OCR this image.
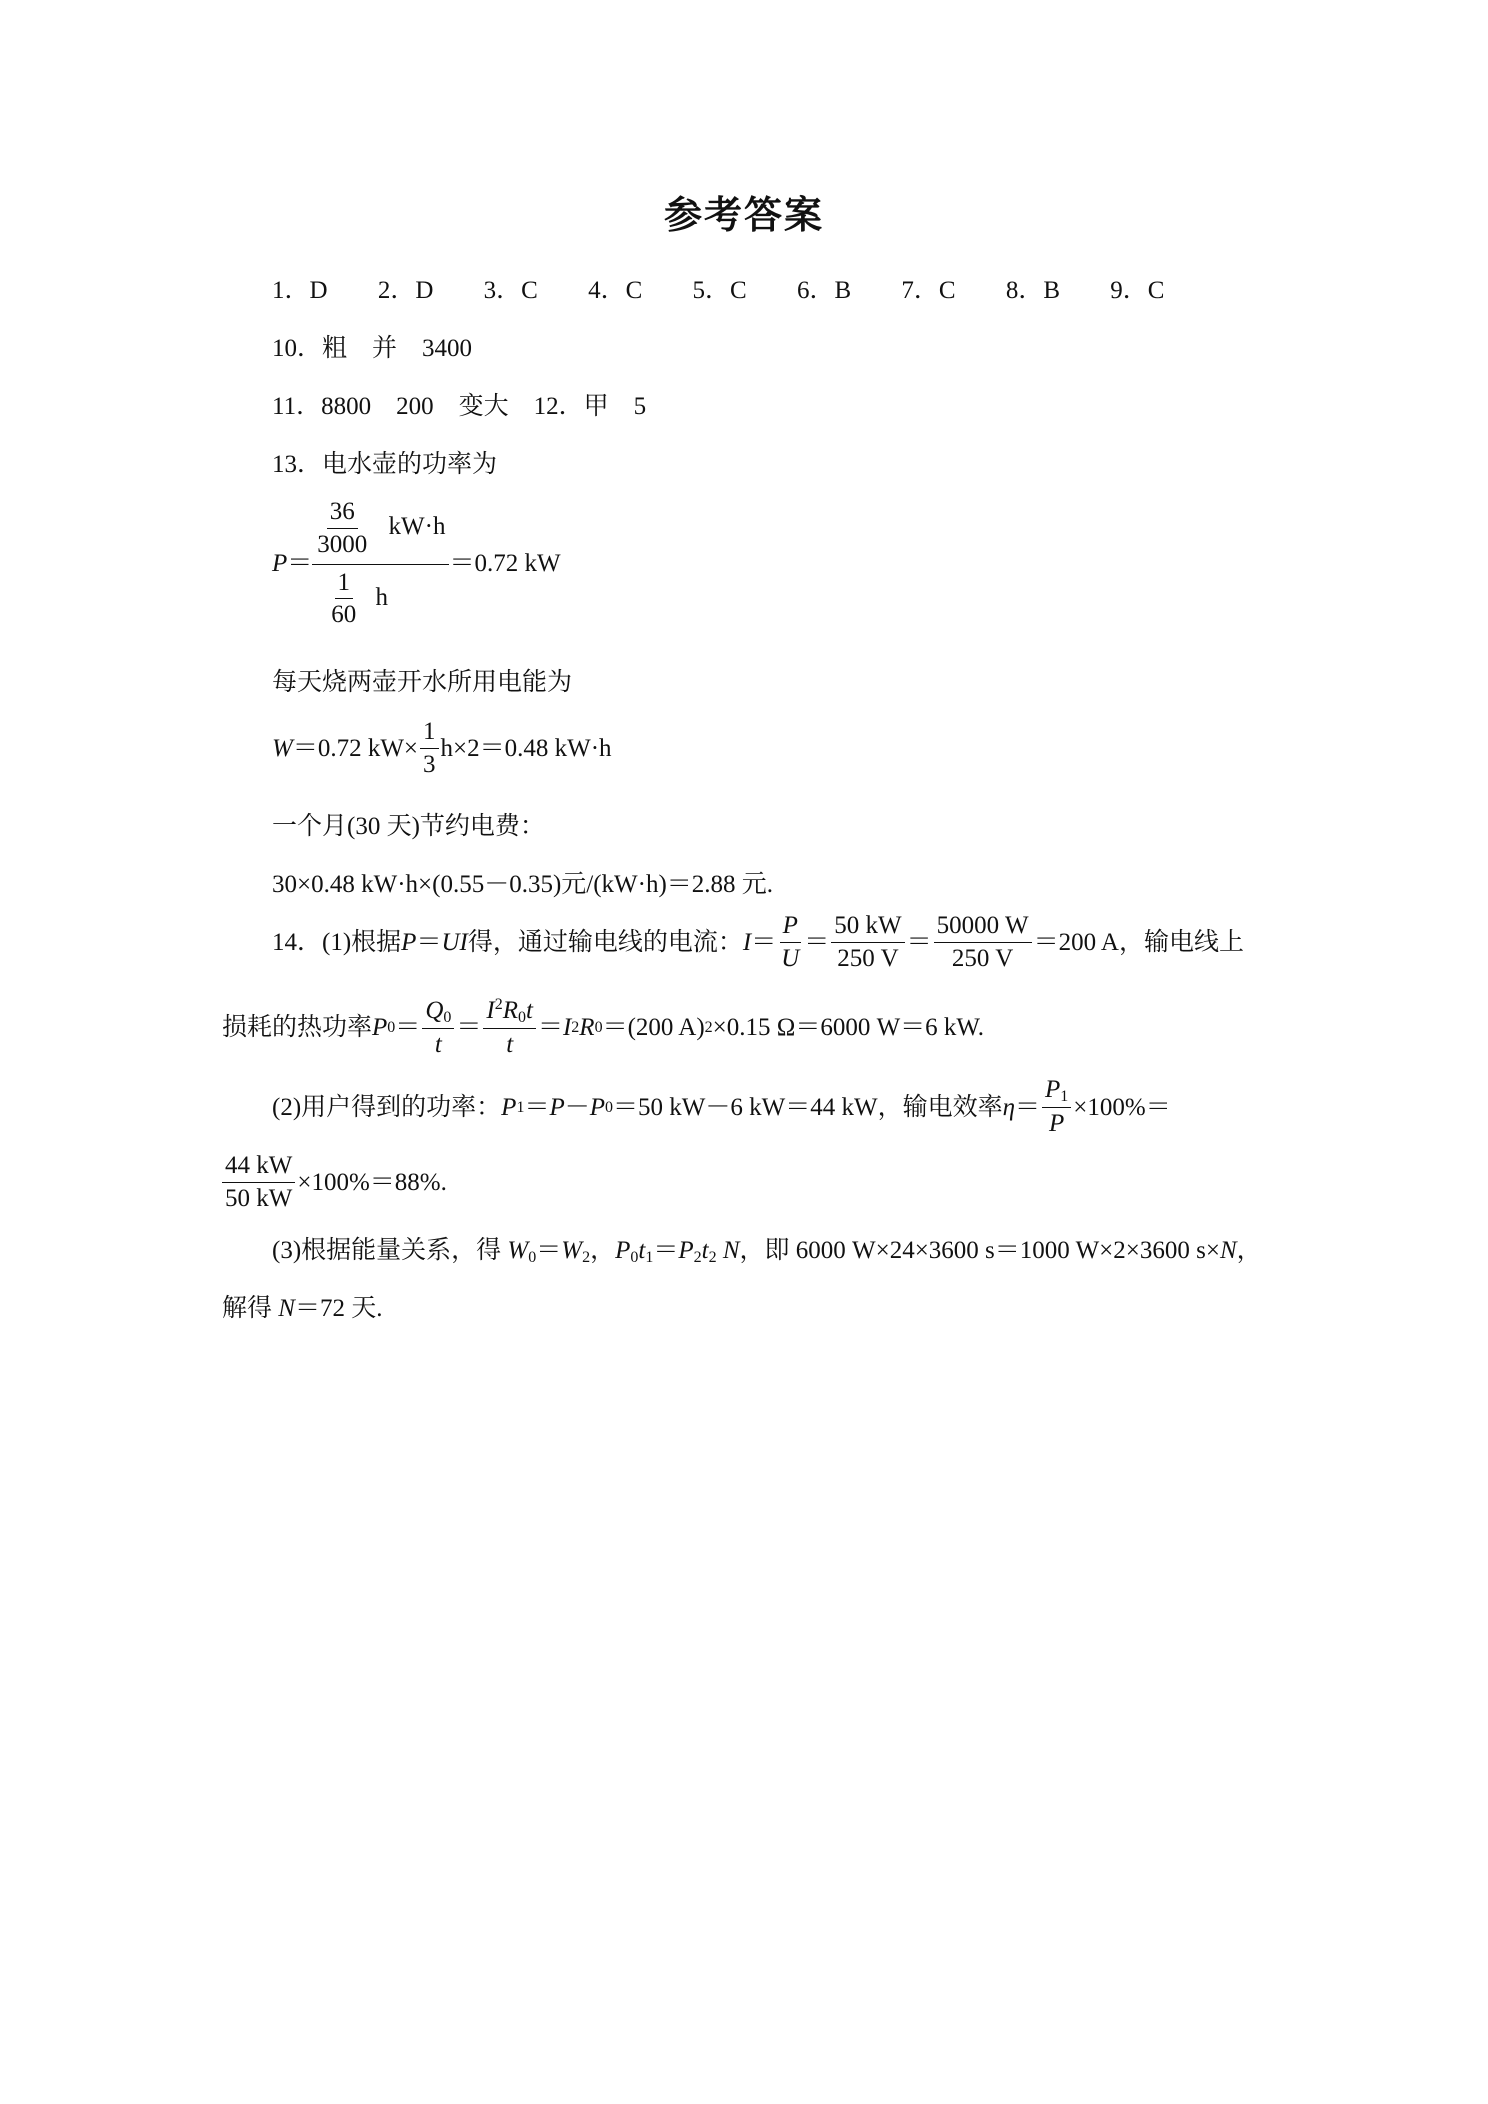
参考答案
1．D 2．D 3．C 4．C 5．C 6．B 7．C 8．B 9．C
10．粗　并　3400
11．8800　200　变大　12．甲　5
13．电水壶的功率为
$P = \frac{\frac{36}{3000} kW\cdot h}{\frac{1}{60} h} =0.72$ kW
每天烧两壶开水所用电能为
W ＝0.72 $kW\times \frac{1}{3} h\times 2=0.48$ kW·h
一个月(30 天)节约电费：
30×0.48 kW·h×(0.55－0.35)元/(kW·h)＝2.88 元.
14．(1)根据 P ＝ UI 得，通过输电线的电流： $I = \frac{P}{U} = \frac{50 kW}{250 V} = \frac{50000 W}{250 V} =200$ A，输电线上
损耗的热功率 P $0 = \frac{Q_0}{t} = \frac{I^2R_0t}{t} = I$ 2 R 0 ＝(200 A) 2 ×0.15 Ω＝6000 W＝6 kW.
(2)用户得到的功率： P 1 ＝ P － P 0 ＝50 kW－6 kW＝44 kW，输电效率 $\eta = \frac{P_1}{P} \times 100\%=$
$\frac{44 kW}{50 kW} \times 100\%=88\%$.
(3)根据能量关系，得 $W_0=W_2$，$P_0t_1=P_2t_2$ N，即 6000 W×24×3600 s＝1000 W×2×3600 s×N，
解得 N＝72 天.
